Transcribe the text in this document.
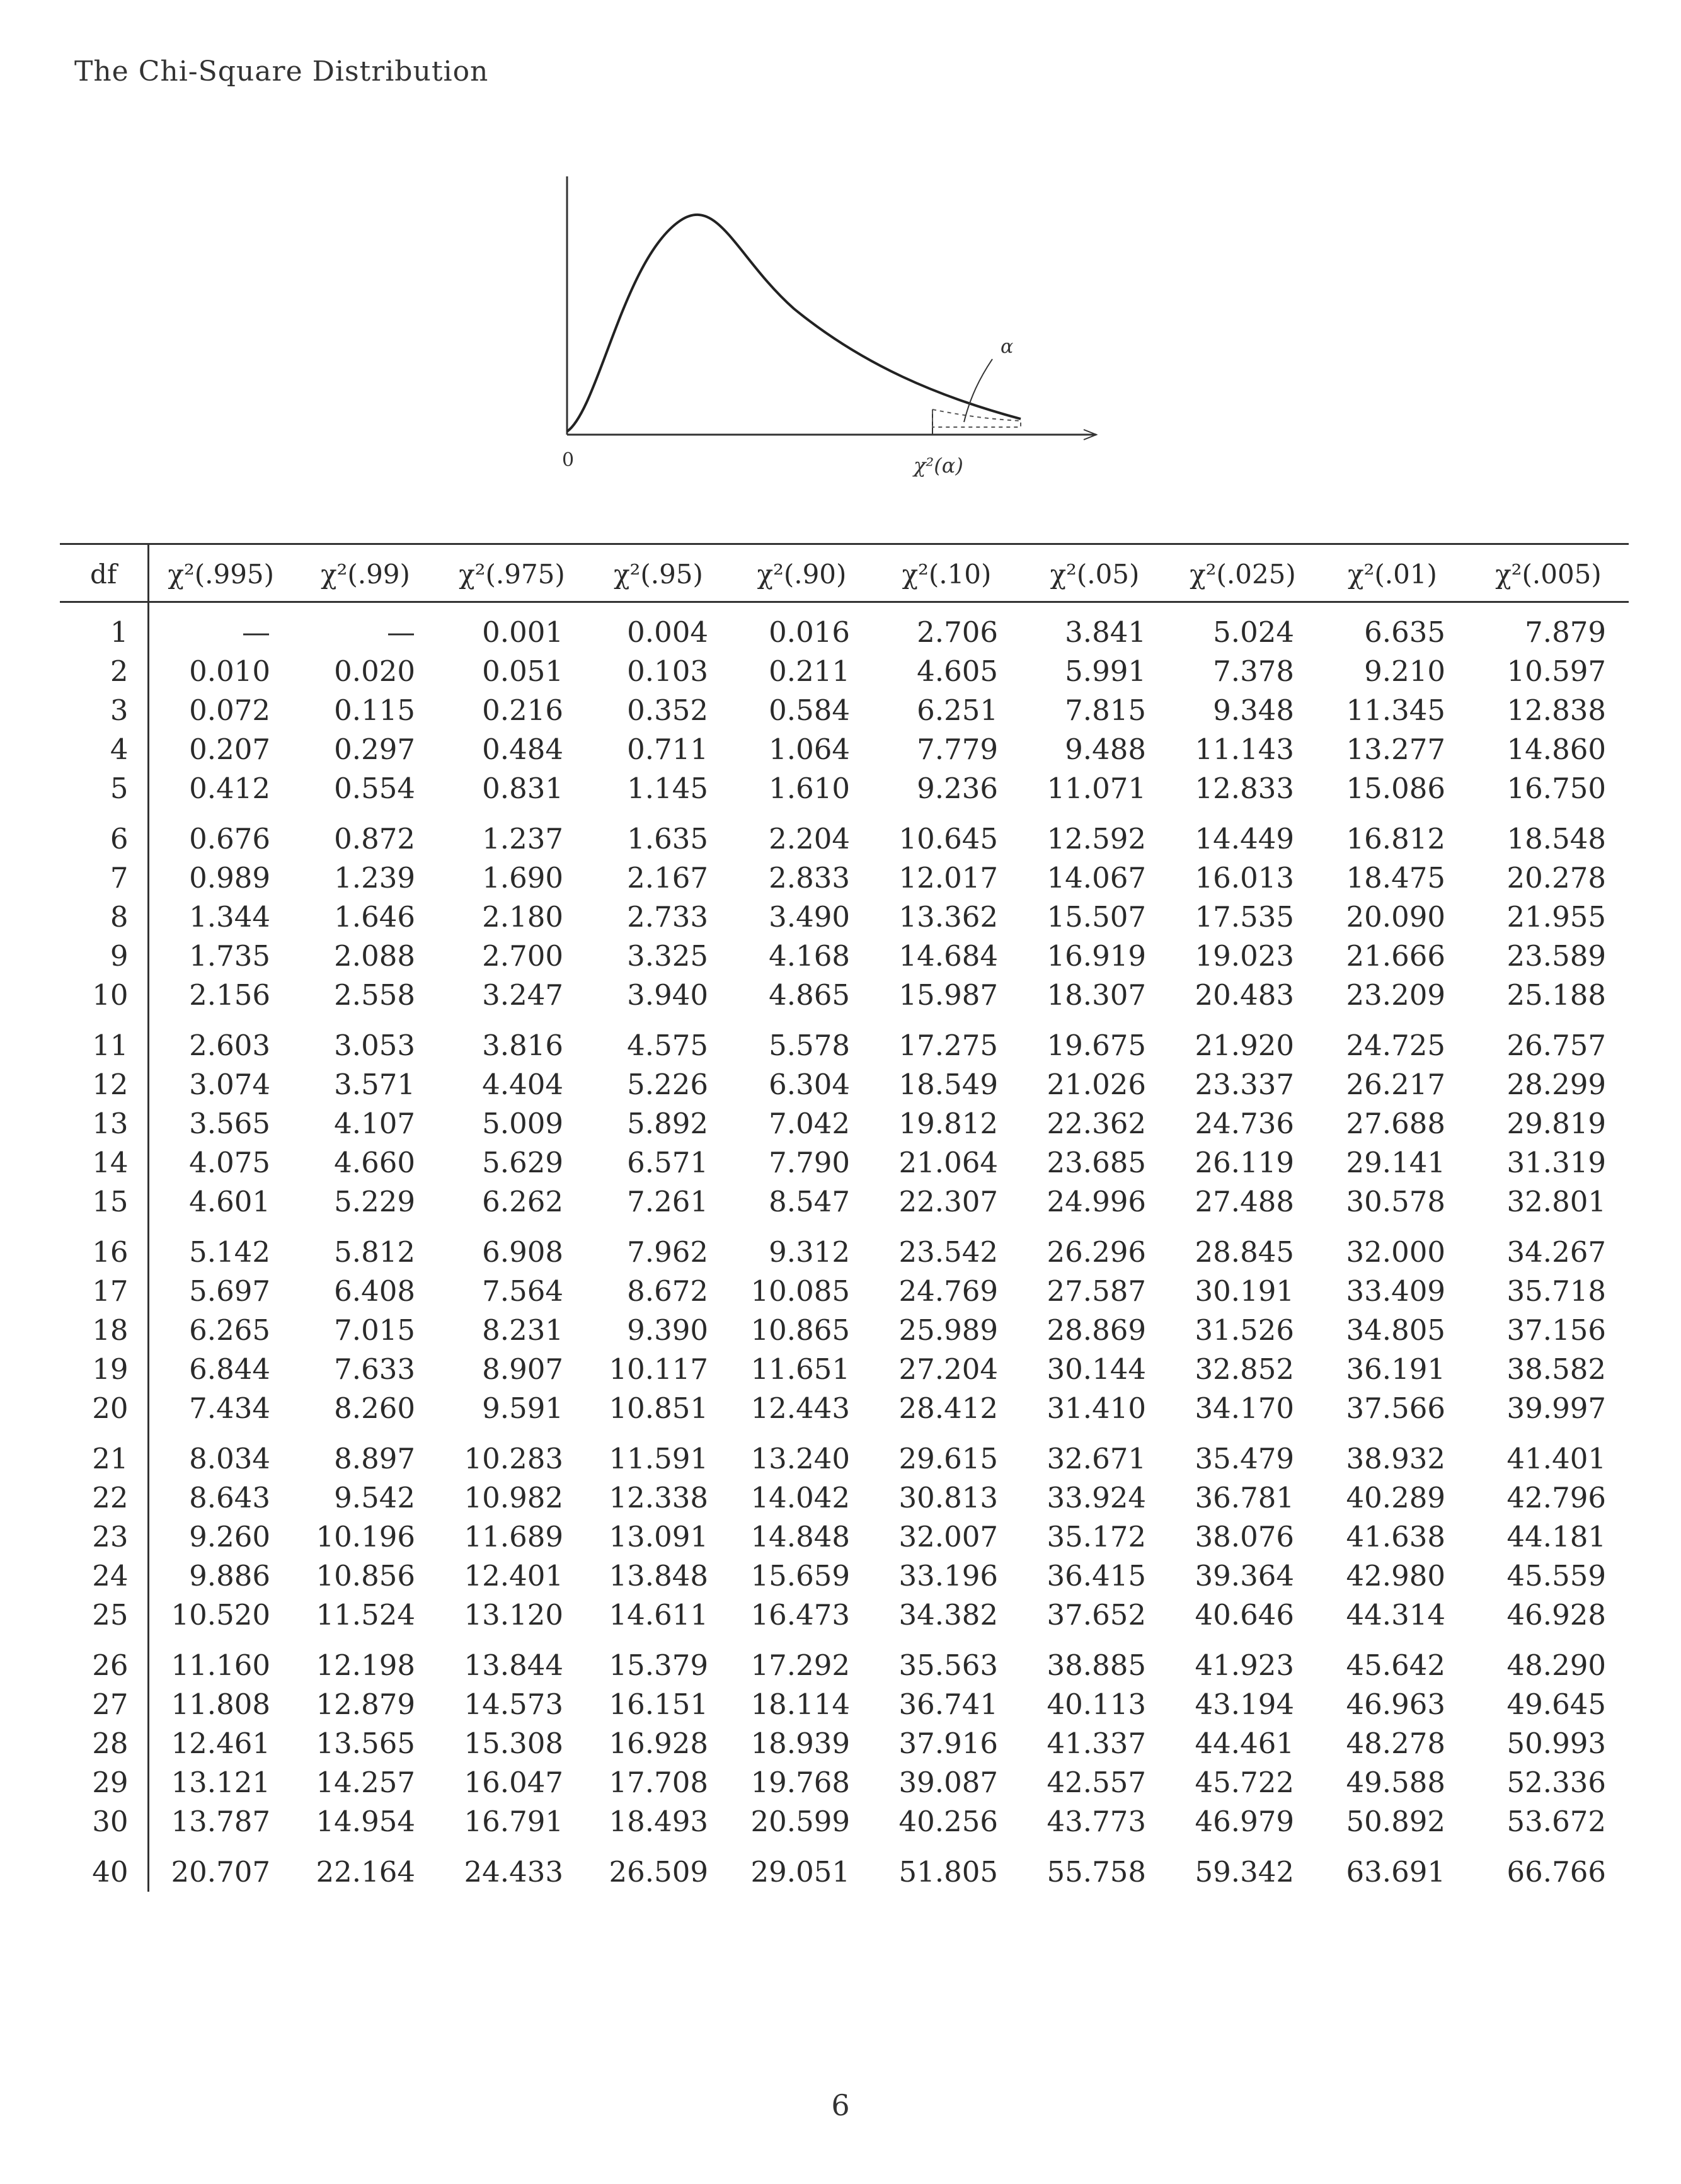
The Chi-Square Distribution
α
0	χ²(α)
df	χ²(.995)	χ²(.99)	χ²(.975)	χ²(.95)	χ²(.90)	χ²(.10)	χ²(.05)	χ²(.025)	χ²(.01)	χ²(.005)
1	—	—	0.001	0.004	0.016	2.706	3.841	5.024	6.635	7.879
2	0.010	0.020	0.051	0.103	0.211	4.605	5.991	7.378	9.210	10.597
3	0.072	0.115	0.216	0.352	0.584	6.251	7.815	9.348	11.345	12.838
4	0.207	0.297	0.484	0.711	1.064	7.779	9.488	11.143	13.277	14.860
5	0.412	0.554	0.831	1.145	1.610	9.236	11.071	12.833	15.086	16.750
6	0.676	0.872	1.237	1.635	2.204	10.645	12.592	14.449	16.812	18.548
7	0.989	1.239	1.690	2.167	2.833	12.017	14.067	16.013	18.475	20.278
8	1.344	1.646	2.180	2.733	3.490	13.362	15.507	17.535	20.090	21.955
9	1.735	2.088	2.700	3.325	4.168	14.684	16.919	19.023	21.666	23.589
10	2.156	2.558	3.247	3.940	4.865	15.987	18.307	20.483	23.209	25.188
11	2.603	3.053	3.816	4.575	5.578	17.275	19.675	21.920	24.725	26.757
12	3.074	3.571	4.404	5.226	6.304	18.549	21.026	23.337	26.217	28.299
13	3.565	4.107	5.009	5.892	7.042	19.812	22.362	24.736	27.688	29.819
14	4.075	4.660	5.629	6.571	7.790	21.064	23.685	26.119	29.141	31.319
15	4.601	5.229	6.262	7.261	8.547	22.307	24.996	27.488	30.578	32.801
16	5.142	5.812	6.908	7.962	9.312	23.542	26.296	28.845	32.000	34.267
17	5.697	6.408	7.564	8.672	10.085	24.769	27.587	30.191	33.409	35.718
18	6.265	7.015	8.231	9.390	10.865	25.989	28.869	31.526	34.805	37.156
19	6.844	7.633	8.907	10.117	11.651	27.204	30.144	32.852	36.191	38.582
20	7.434	8.260	9.591	10.851	12.443	28.412	31.410	34.170	37.566	39.997
21	8.034	8.897	10.283	11.591	13.240	29.615	32.671	35.479	38.932	41.401
22	8.643	9.542	10.982	12.338	14.042	30.813	33.924	36.781	40.289	42.796
23	9.260	10.196	11.689	13.091	14.848	32.007	35.172	38.076	41.638	44.181
24	9.886	10.856	12.401	13.848	15.659	33.196	36.415	39.364	42.980	45.559
25	10.520	11.524	13.120	14.611	16.473	34.382	37.652	40.646	44.314	46.928
26	11.160	12.198	13.844	15.379	17.292	35.563	38.885	41.923	45.642	48.290
27	11.808	12.879	14.573	16.151	18.114	36.741	40.113	43.194	46.963	49.645
28	12.461	13.565	15.308	16.928	18.939	37.916	41.337	44.461	48.278	50.993
29	13.121	14.257	16.047	17.708	19.768	39.087	42.557	45.722	49.588	52.336
30	13.787	14.954	16.791	18.493	20.599	40.256	43.773	46.979	50.892	53.672
40	20.707	22.164	24.433	26.509	29.051	51.805	55.758	59.342	63.691	66.766
6
